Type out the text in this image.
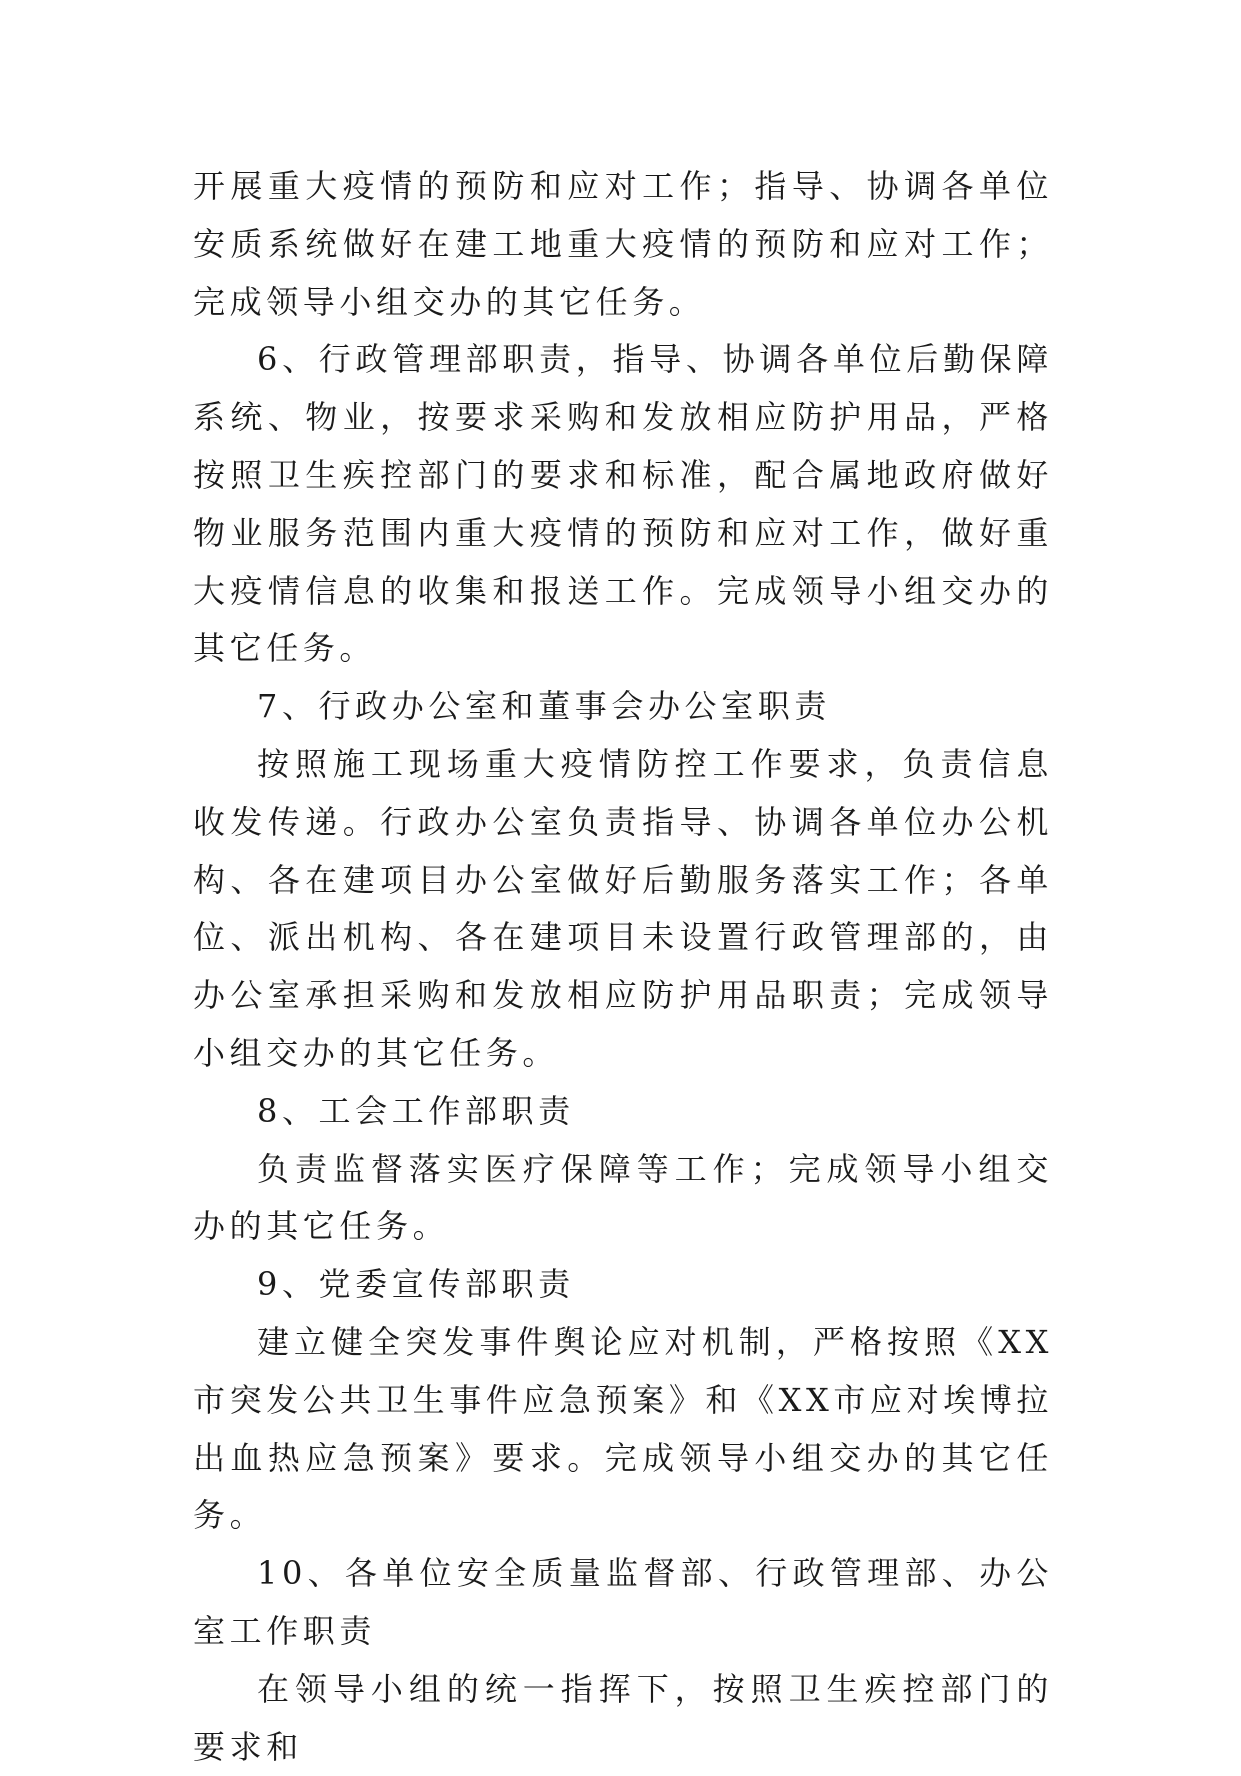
开展重大疫情的预防和应对工作；指导、协调各单位安质系统做好在建工地重大疫情的预防和应对工作；完成领导小组交办的其它任务。

6、行政管理部职责，指导、协调各单位后勤保障系统、物业，按要求采购和发放相应防护用品，严格按照卫生疾控部门的要求和标准，配合属地政府做好物业服务范围内重大疫情的预防和应对工作，做好重大疫情信息的收集和报送工作。完成领导小组交办的其它任务。

7、行政办公室和董事会办公室职责

按照施工现场重大疫情防控工作要求，负责信息收发传递。行政办公室负责指导、协调各单位办公机构、各在建项目办公室做好后勤服务落实工作；各单位、派出机构、各在建项目未设置行政管理部的，由办公室承担采购和发放相应防护用品职责；完成领导小组交办的其它任务。

8、工会工作部职责

负责监督落实医疗保障等工作；完成领导小组交办的其它任务。

9、党委宣传部职责

建立健全突发事件舆论应对机制，严格按照《XX市突发公共卫生事件应急预案》和《XX市应对埃博拉出血热应急预案》要求。完成领导小组交办的其它任务。

10、各单位安全质量监督部、行政管理部、办公室工作职责

在领导小组的统一指挥下，按照卫生疾控部门的要求和
